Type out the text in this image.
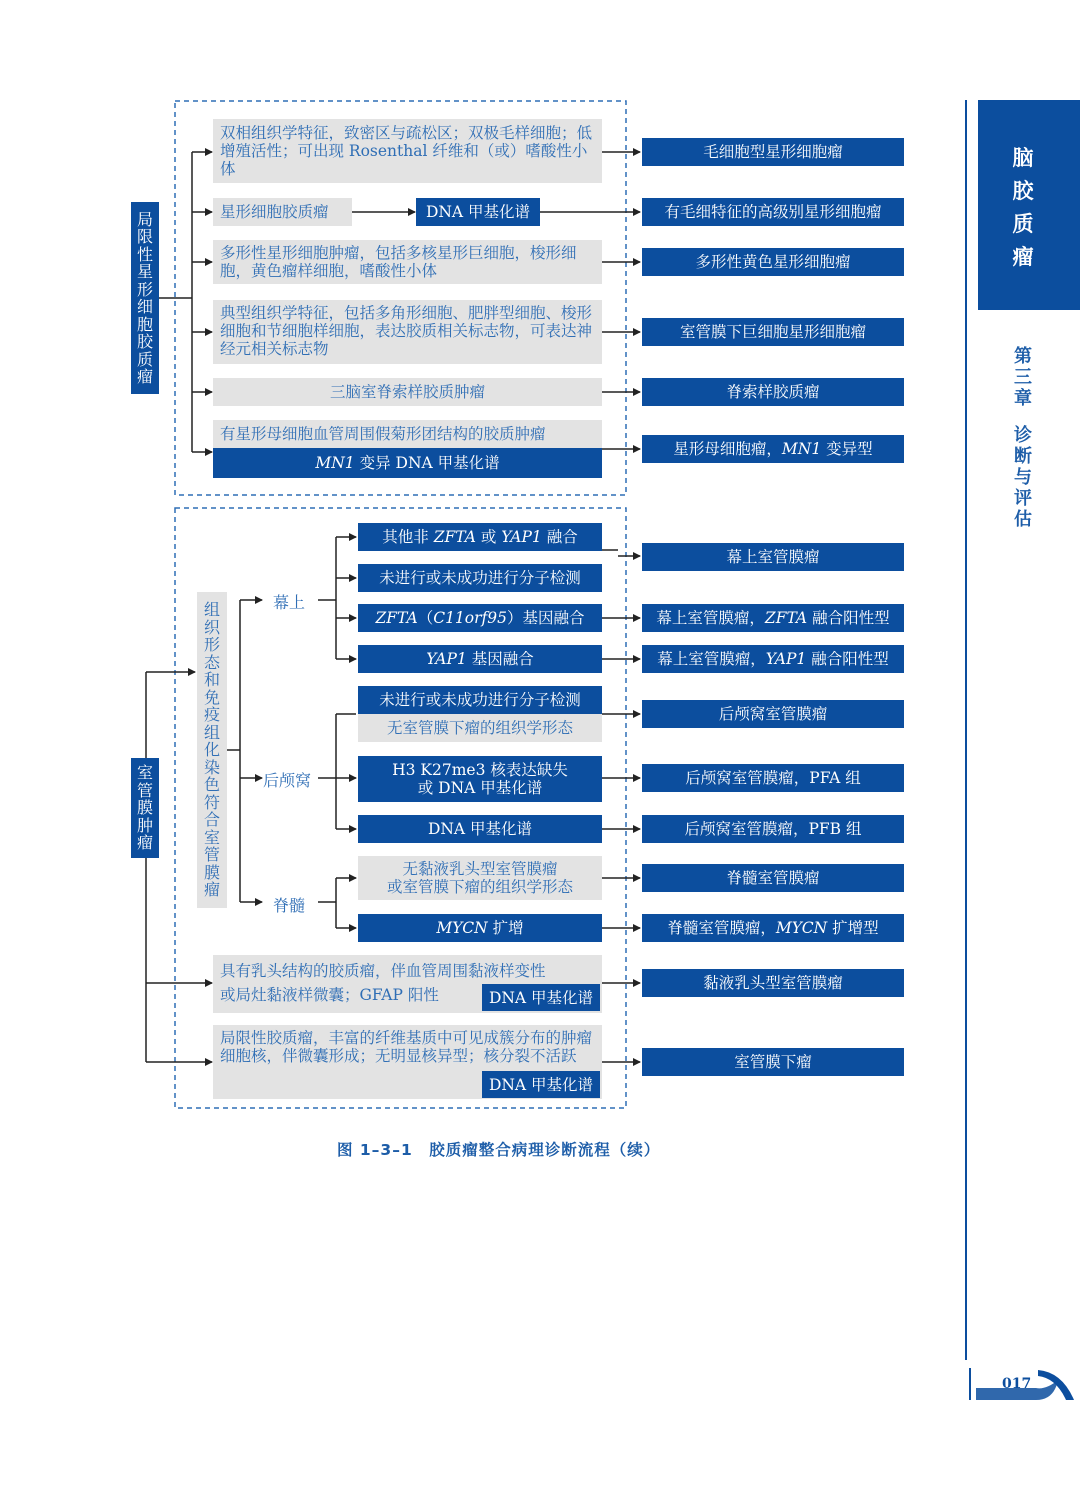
局
限
性
星
形
细
胞
胶
质
瘤
双相组织学特征，致密区与疏松区；双极毛样细胞；低增殖活性；可出现 Rosenthal 纤维和（或）嗜酸性小体
星形细胞胶质瘤	DNA 甲基化谱
多形性星形细胞肿瘤，包括多核星形巨细胞，梭形细胞，黄色瘤样细胞，嗜酸性小体
典型组织学特征，包括多角形细胞、肥胖型细胞、梭形细胞和节细胞样细胞，表达胶质相关标志物，可表达神经元相关标志物
三脑室脊索样胶质肿瘤
有星形母细胞血管周围假菊形团结构的胶质肿瘤
MN1 变异 DNA 甲基化谱
毛细胞型星形细胞瘤
有毛细特征的高级别星形细胞瘤
多形性黄色星形细胞瘤
室管膜下巨细胞星形细胞瘤
脊索样胶质瘤
星形母细胞瘤，MN1 变异型
室
管
膜
肿
瘤
组
织
形
态
和
免
疫
组
化
染
色
符
合
室
管
膜
瘤
幕上
后颅窝
脊髓
其他非 ZFTA 或 YAP1 融合
未进行或未成功进行分子检测
ZFTA（C11orf95）基因融合
YAP1 基因融合
未进行或未成功进行分子检测
无室管膜下瘤的组织学形态
H3 K27me3 核表达缺失
或 DNA 甲基化谱
DNA 甲基化谱
无黏液乳头型室管膜瘤
或室管膜下瘤的组织学形态
MYCN 扩增
具有乳头结构的胶质瘤，伴血管周围黏液样变性
或局灶黏液样微囊；GFAP 阳性	DNA 甲基化谱
局限性胶质瘤，丰富的纤维基质中可见成簇分布的肿瘤细胞核，伴微囊形成；无明显核异型；核分裂不活跃
DNA 甲基化谱
幕上室管膜瘤
幕上室管膜瘤，ZFTA 融合阳性型
幕上室管膜瘤，YAP1 融合阳性型
后颅窝室管膜瘤
后颅窝室管膜瘤，PFA 组
后颅窝室管膜瘤，PFB 组
脊髓室管膜瘤
脊髓室管膜瘤，MYCN 扩增型
黏液乳头型室管膜瘤
室管膜下瘤
图 1–3–1　胶质瘤整合病理诊断流程（续）
脑
胶
质
瘤
第
三
章
诊
断
与
评
估
017
